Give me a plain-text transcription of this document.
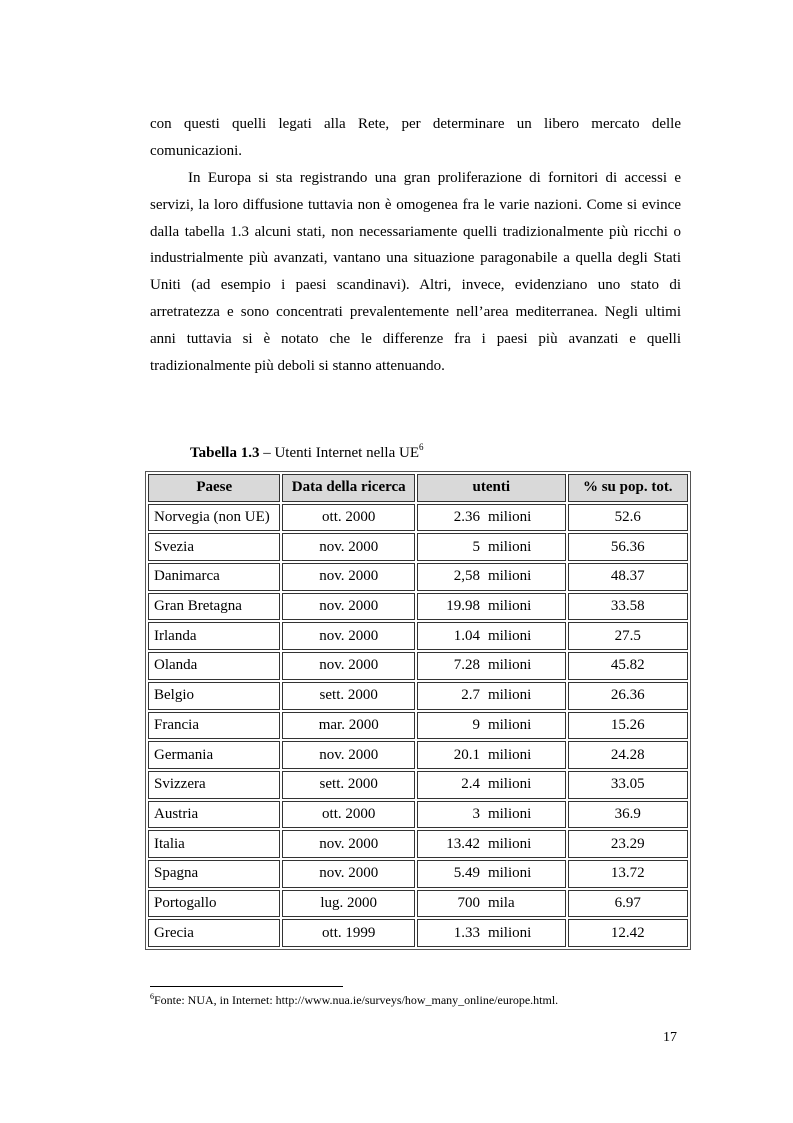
con questi quelli legati alla Rete, per determinare un libero mercato delle comunicazioni.

In Europa si sta registrando una gran proliferazione di fornitori di accessi e servizi, la loro diffusione tuttavia non è omogenea fra le varie nazioni. Come si evince dalla tabella 1.3 alcuni stati, non necessariamente quelli tradizionalmente più ricchi o industrialmente più avanzati, vantano una situazione paragonabile a quella degli Stati Uniti (ad esempio i paesi scandinavi). Altri, invece, evidenziano uno stato di arretratezza e sono concentrati prevalentemente nell’area mediterranea. Negli ultimi anni tuttavia si è notato che le differenze fra i paesi più avanzati e quelli tradizionalmente più deboli si stanno attenuando.

Tabella 1.3 – Utenti Internet nella $UE^6$
Paese	Data della ricerca	utenti	% su pop. tot.
Norvegia (non UE)	ott. 2000	2.36 milioni	52.6
Svezia	nov. 2000	5 milioni	56.36
Danimarca	nov. 2000	2,58 milioni	48.37
Gran Bretagna	nov. 2000	19.98 milioni	33.58
Irlanda	nov. 2000	1.04 milioni	27.5
Olanda	nov. 2000	7.28 milioni	45.82
Belgio	sett. 2000	2.7 milioni	26.36
Francia	mar. 2000	9 milioni	15.26
Germania	nov. 2000	20.1 milioni	24.28
Svizzera	sett. 2000	2.4 milioni	33.05
Austria	ott. 2000	3 milioni	36.9
Italia	nov. 2000	13.42 milioni	23.29
Spagna	nov. 2000	5.49 milioni	13.72
Portogallo	lug. 2000	700 mila	6.97
Grecia	ott. 1999	1.33 milioni	12.42
$^6$Fonte: NUA, in Internet: http://www.nua.ie/surveys/how_many_online/europe.html.
17
